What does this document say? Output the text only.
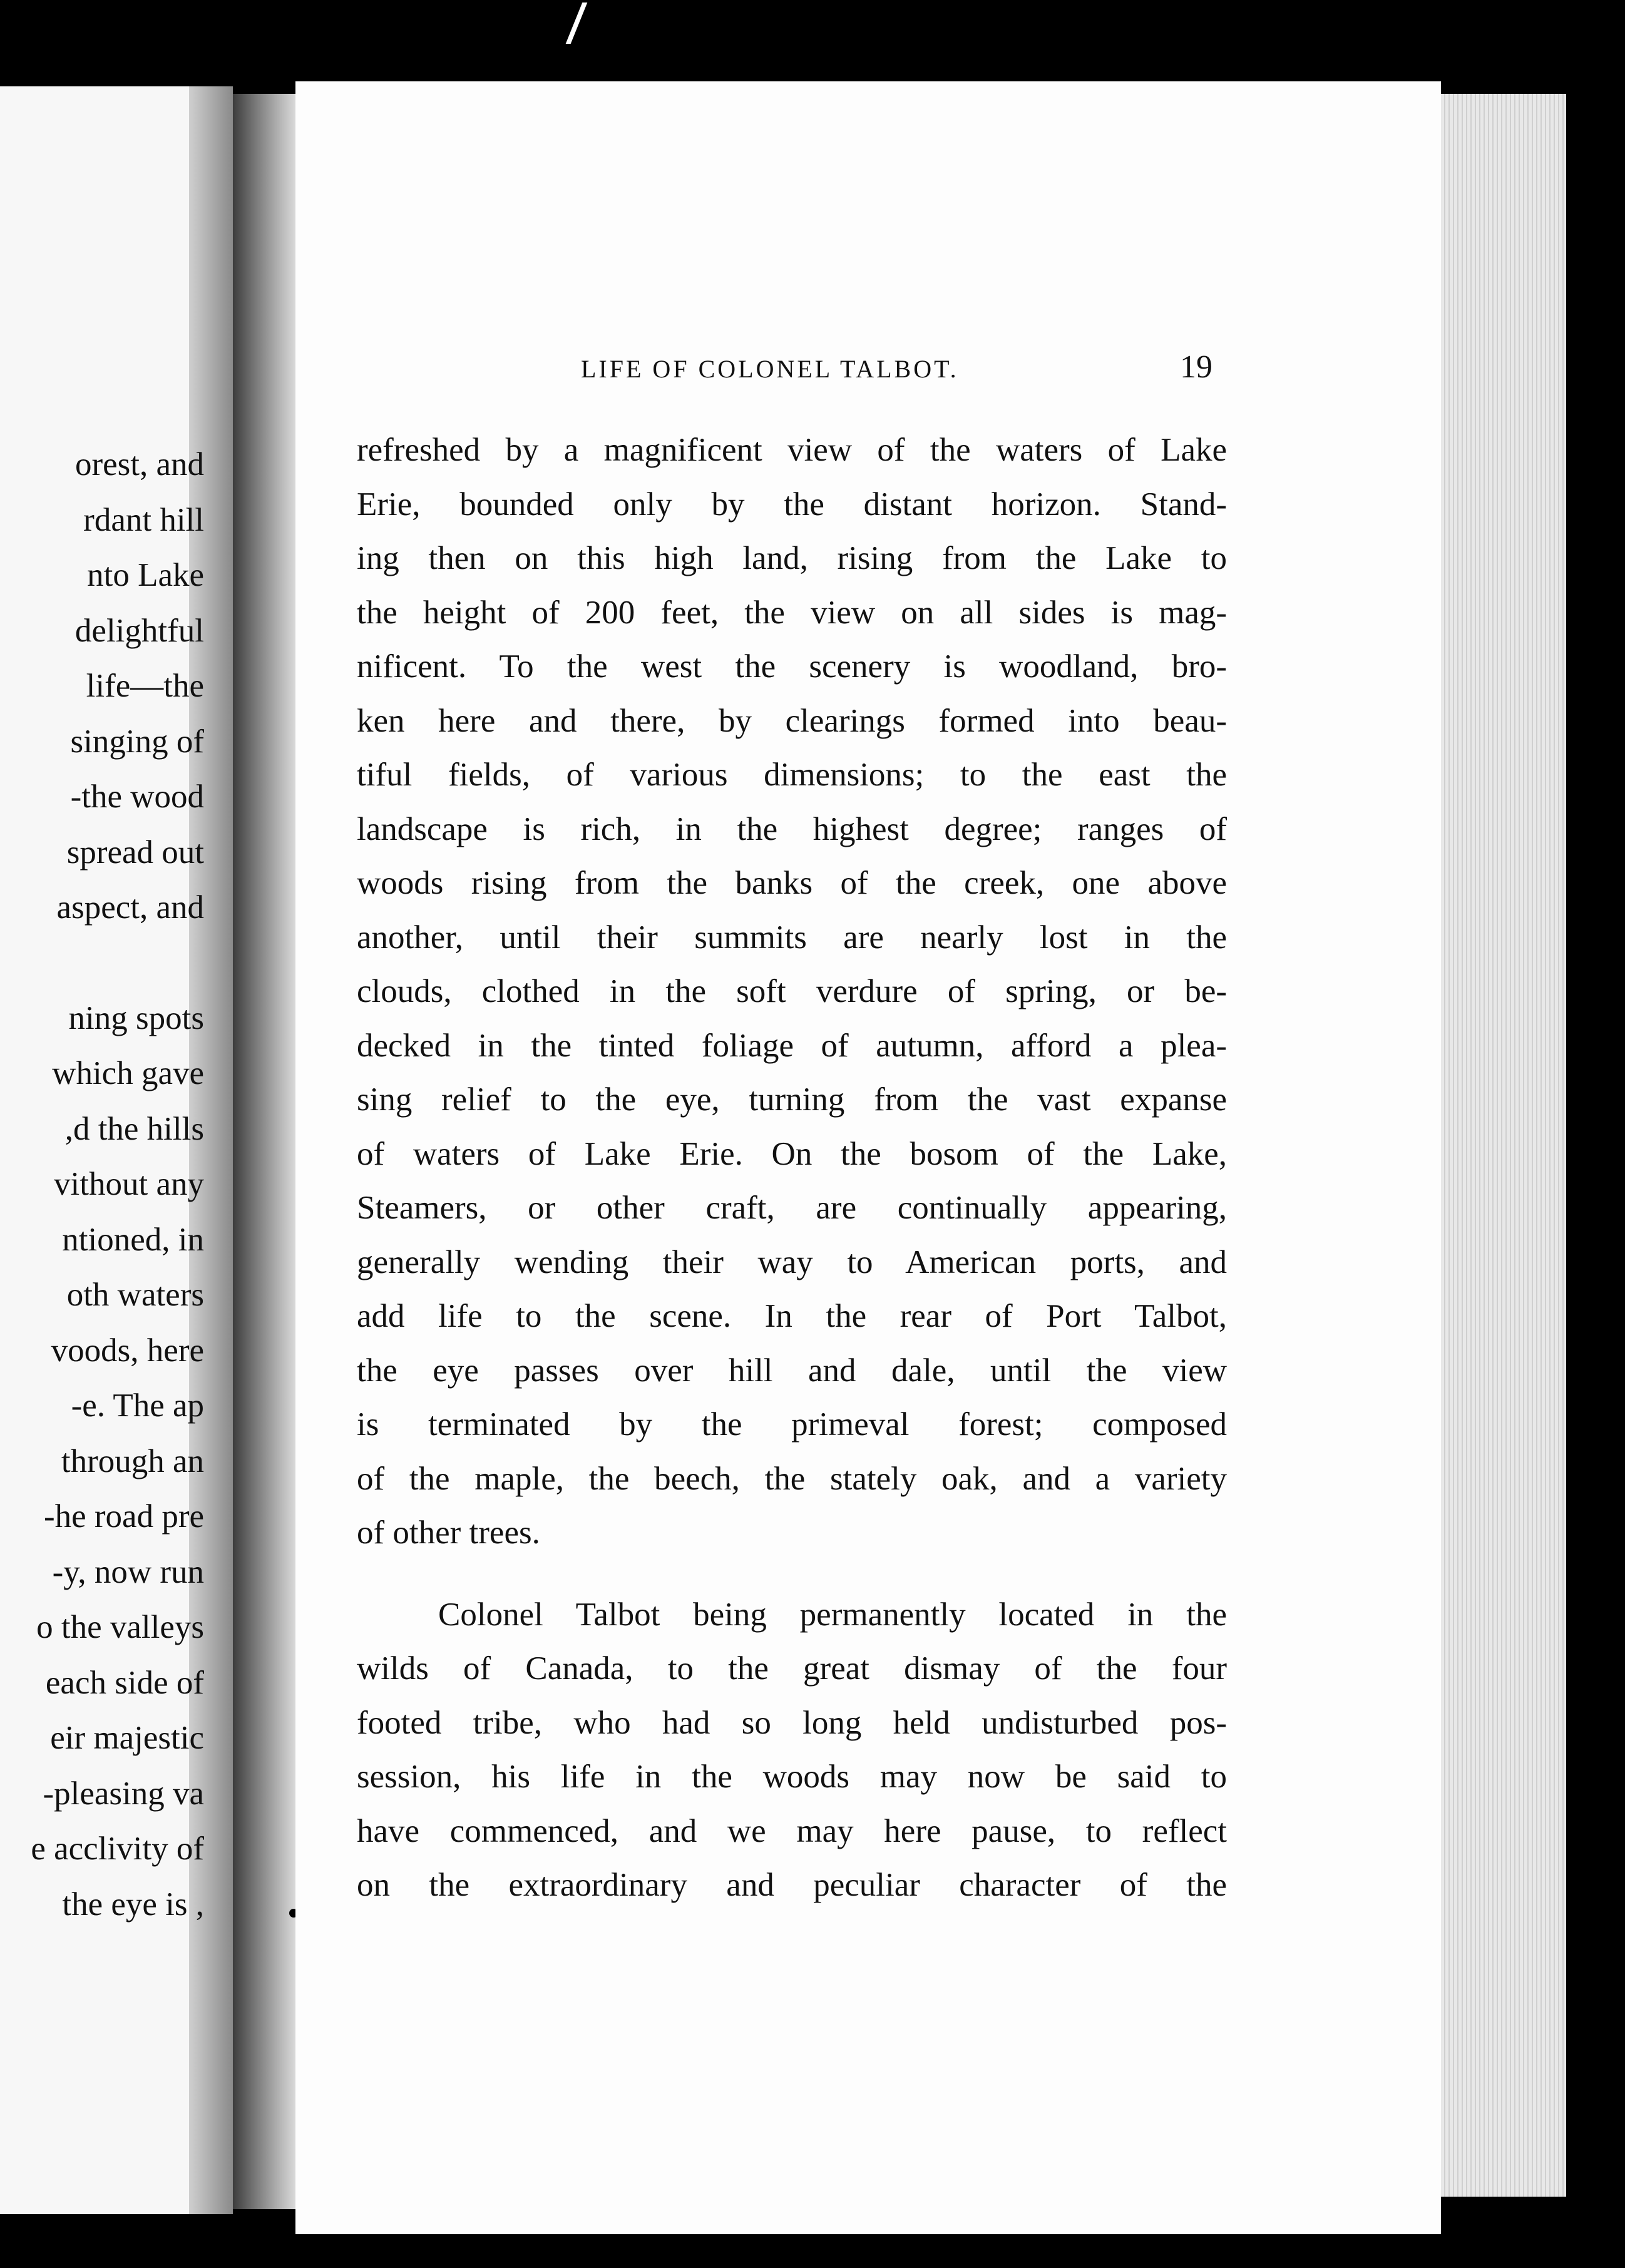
orest, and
rdant hill
nto Lake
delightful
life—the
singing of
the wood-
spread out
aspect, and
ning spots
which gave
d the hills,
vithout any
ntioned, in
oth waters
voods, here
e. The ap-
through an
he road pre-
y, now run-
o the valleys
each side of
eir majestic
pleasing va-
e acclivity of
, the eye is
LIFE OF COLONEL TALBOT.	19
refreshed by a magnificent view of the waters of Lake
Erie, bounded only by the distant horizon. Stand-
ing then on this high land, rising from the Lake to
the height of 200 feet, the view on all sides is mag-
nificent. To the west the scenery is woodland, bro-
ken here and there, by clearings formed into beau-
tiful fields, of various dimensions; to the east the
landscape is rich, in the highest degree; ranges of
woods rising from the banks of the creek, one above
another, until their summits are nearly lost in the
clouds, clothed in the soft verdure of spring, or be-
decked in the tinted foliage of autumn, afford a plea-
sing relief to the eye, turning from the vast expanse
of waters of Lake Erie. On the bosom of the Lake,
Steamers, or other craft, are continually appearing,
generally wending their way to American ports, and
add life to the scene. In the rear of Port Talbot,
the eye passes over hill and dale, until the view
is terminated by the primeval forest; composed
of the maple, the beech, the stately oak, and a variety
of other trees.
Colonel Talbot being permanently located in the
wilds of Canada, to the great dismay of the four
footed tribe, who had so long held undisturbed pos-
session, his life in the woods may now be said to
have commenced, and we may here pause, to reflect
on the extraordinary and peculiar character of the
